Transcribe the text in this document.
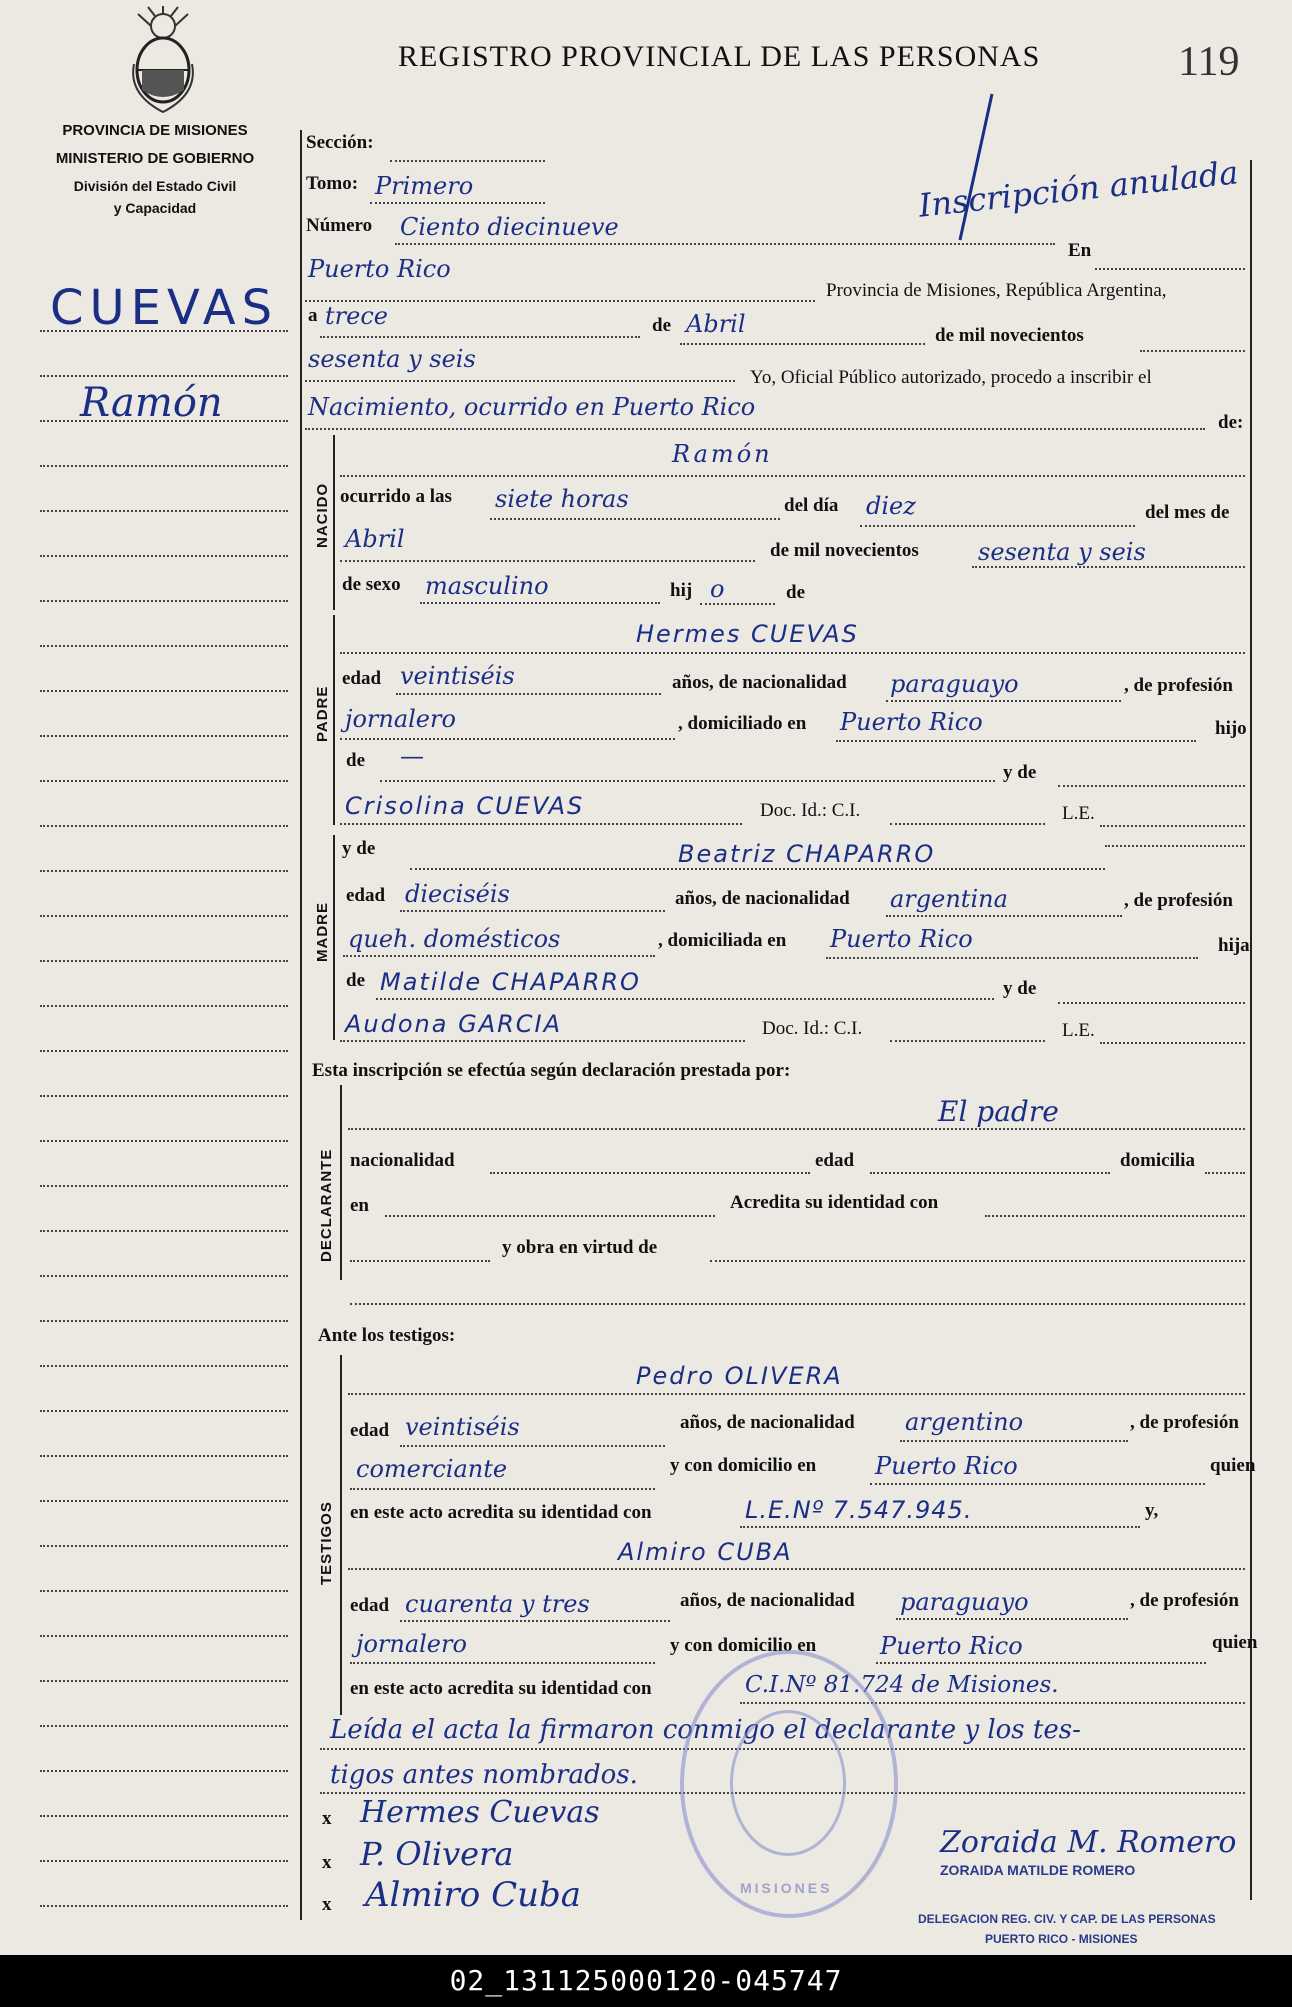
PROVINCIA DE MISIONES
MINISTERIO DE GOBIERNO
División del Estado Civil
y Capacidad
REGISTRO PROVINCIAL DE LAS PERSONAS	119
Inscripción anulada
CUEVAS
Ramón
Sección:
Tomo: Primero
Número Ciento diecinueve
En
Puerto Rico
Provincia de Misiones, República Argentina,
a trece	de Abril	de mil novecientos
sesenta y seis
Yo, Oficial Público autorizado, procedo a inscribir el
Nacimiento, ocurrido en Puerto Rico
de:
NACIDO
Ramón
ocurrido a las siete horas	del día diez	del mes de
Abril	de mil novecientos sesenta y seis
de sexo masculino	hij o	de
PADRE
Hermes CUEVAS
edad veintiséis	años, de nacionalidad paraguayo	, de profesión
jornalero	, domiciliado en Puerto Rico	hijo
de —
y de
Crisolina CUEVAS	Doc. Id.: C.I.	L.E.
MADRE
y de	Beatriz CHAPARRO
edad dieciséis	años, de nacionalidad argentina	, de profesión
queh. domésticos	, domiciliada en Puerto Rico	hija
de Matilde CHAPARRO	y de
Audona GARCIA	Doc. Id.: C.I.	L.E.
Esta inscripción se efectúa según declaración prestada por:
DECLARANTE
El padre
nacionalidad	edad	domicilia
en	Acredita su identidad con
y obra en virtud de
Ante los testigos:
TESTIGOS
Pedro OLIVERA
edad veintiséis	años, de nacionalidad argentino	, de profesión
comerciante	y con domicilio en Puerto Rico	quien
en este acto acredita su identidad con	L.E.Nº 7.547.945.	y,
Almiro CUBA
edad cuarenta y tres	años, de nacionalidad paraguayo	, de profesión
jornalero	y con domicilio en	Puerto Rico	quien
en este acto acredita su identidad con	C.I.Nº 81.724 de Misiones.
Leída el acta la firmaron conmigo el declarante y los tes-
tigos antes nombrados.
x Hermes Cuevas
x P. Olivera
x Almiro Cuba	MISIONES
Zoraida M. Romero
ZORAIDA MATILDE ROMERO
DELEGACION REG. CIV. Y CAP. DE LAS PERSONAS
PUERTO RICO - MISIONES
02_131125000120-045747
